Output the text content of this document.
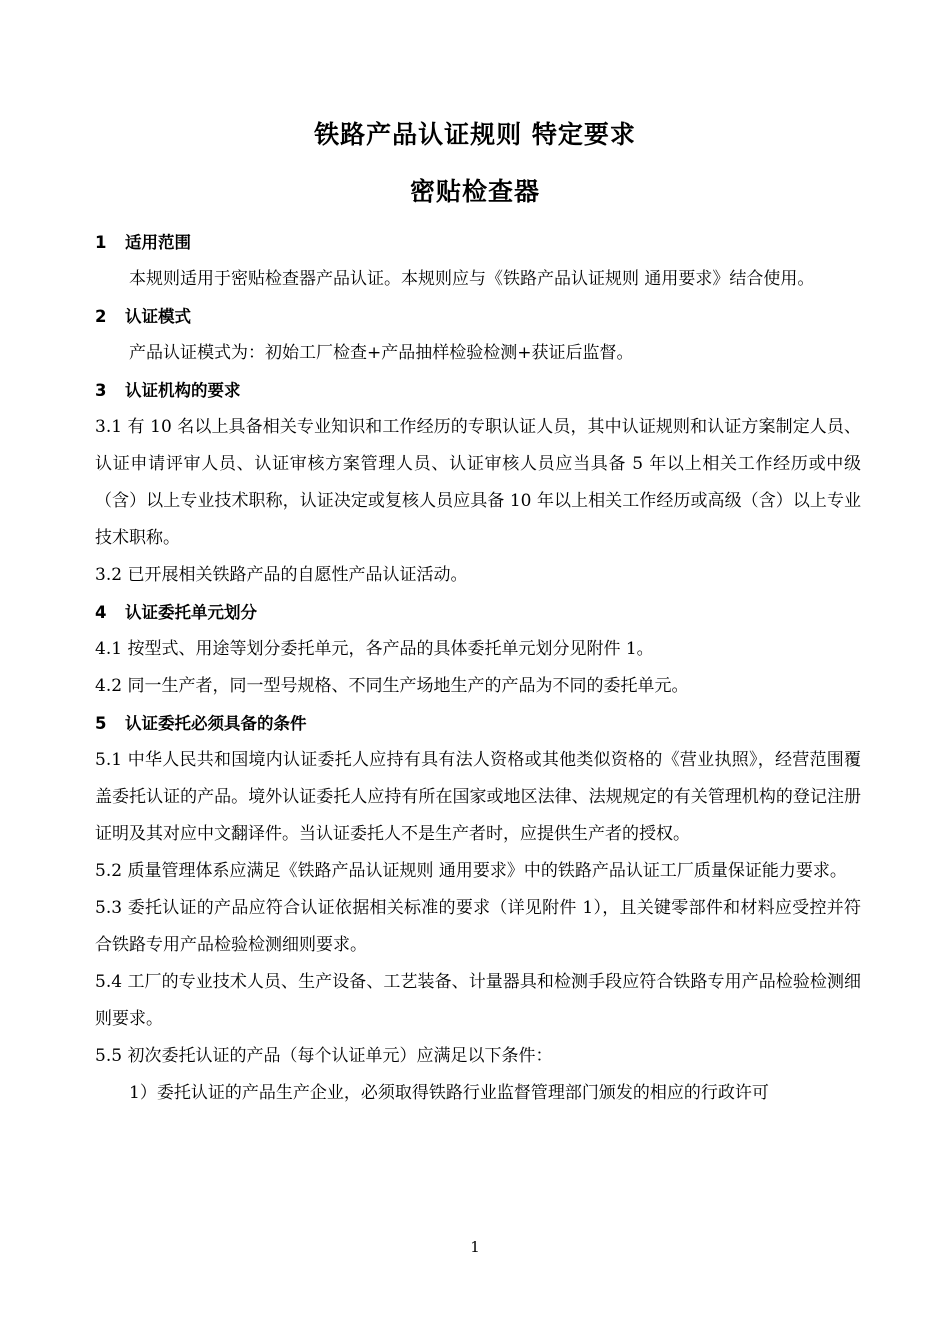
铁路产品认证规则 特定要求
密贴检查器
1 适用范围
本规则适用于密贴检查器产品认证。本规则应与《铁路产品认证规则 通用要求》结合使用。
2 认证模式
产品认证模式为：初始工厂检查+产品抽样检验检测+获证后监督。
3 认证机构的要求
3.1 有 10 名以上具备相关专业知识和工作经历的专职认证人员，其中认证规则和认证方案制定人员、认证申请评审人员、认证审核方案管理人员、认证审核人员应当具备 5 年以上相关工作经历或中级（含）以上专业技术职称，认证决定或复核人员应具备 10 年以上相关工作经历或高级（含）以上专业技术职称。
3.2 已开展相关铁路产品的自愿性产品认证活动。
4 认证委托单元划分
4.1 按型式、用途等划分委托单元，各产品的具体委托单元划分见附件 1。
4.2 同一生产者，同一型号规格、不同生产场地生产的产品为不同的委托单元。
5 认证委托必须具备的条件
5.1 中华人民共和国境内认证委托人应持有具有法人资格或其他类似资格的《营业执照》，经营范围覆盖委托认证的产品。境外认证委托人应持有所在国家或地区法律、法规规定的有关管理机构的登记注册证明及其对应中文翻译件。当认证委托人不是生产者时，应提供生产者的授权。
5.2 质量管理体系应满足《铁路产品认证规则 通用要求》中的铁路产品认证工厂质量保证能力要求。
5.3 委托认证的产品应符合认证依据相关标准的要求（详见附件 1），且关键零部件和材料应受控并符合铁路专用产品检验检测细则要求。
5.4 工厂的专业技术人员、生产设备、工艺装备、计量器具和检测手段应符合铁路专用产品检验检测细则要求。
5.5 初次委托认证的产品（每个认证单元）应满足以下条件：
1）委托认证的产品生产企业，必须取得铁路行业监督管理部门颁发的相应的行政许可
1
